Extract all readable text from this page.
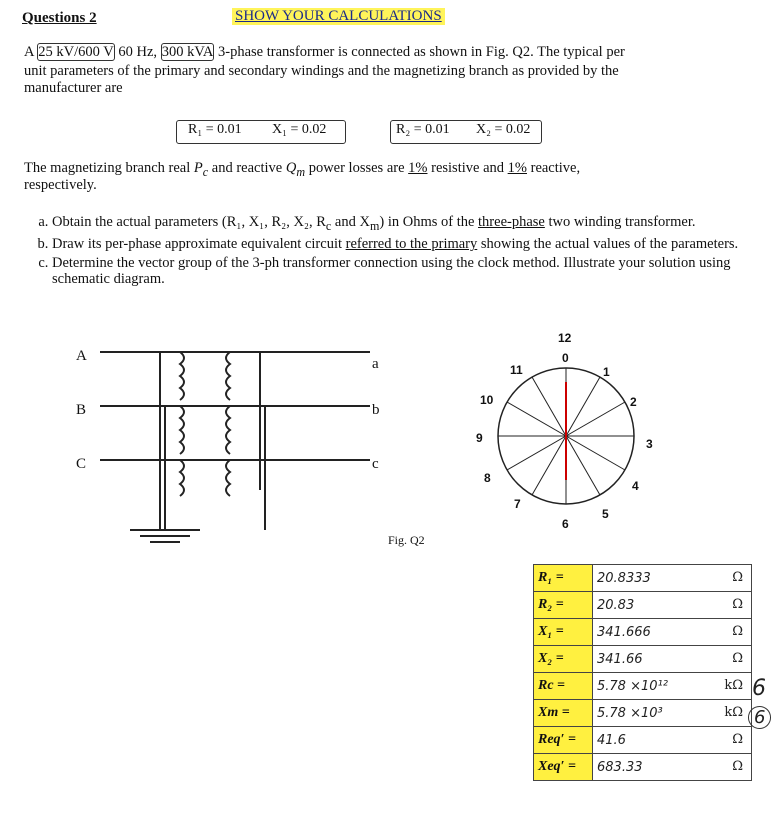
Questions 2	SHOW YOUR CALCULATIONS
A 25 kV/600 V 60 Hz, 300 kVA 3-phase transformer is connected as shown in Fig. Q2. The typical per
unit parameters of the primary and secondary windings and the magnetizing branch as provided by the
manufacturer are
R₁ = 0.01 X₁ = 0.02	R₂ = 0.01 X₂ = 0.02
The magnetizing branch real $P_c$ and reactive $Q_m$ power losses are 1% resistive and 1% reactive,
respectively.
a. Obtain the actual parameters (R₁, X₁, R₂, X₂, $R_c$ and $X_m$) in Ohms of the three-phase two winding transformer.
b. Draw its per-phase approximate equivalent circuit referred to the primary showing the actual values of the parameters.
c. Determine the vector group of the 3-ph transformer connection using the clock method. Illustrate your solution using schematic diagram.
A
B
C
a
b
c
Fig. Q2
12
0
1
2
3
4
5
6
7
8
9
10
11
R₁ =	20.8333 Ω

R₂ =	20.83 Ω

X₁ =	341.666 Ω

X₂ =	341.66 Ω

Rc =	5.78 ×10¹² kΩ

Xm =	5.78 ×10³ kΩ

Req′ =	41.6 Ω

Xeq′ =	683.33 Ω
6
6
